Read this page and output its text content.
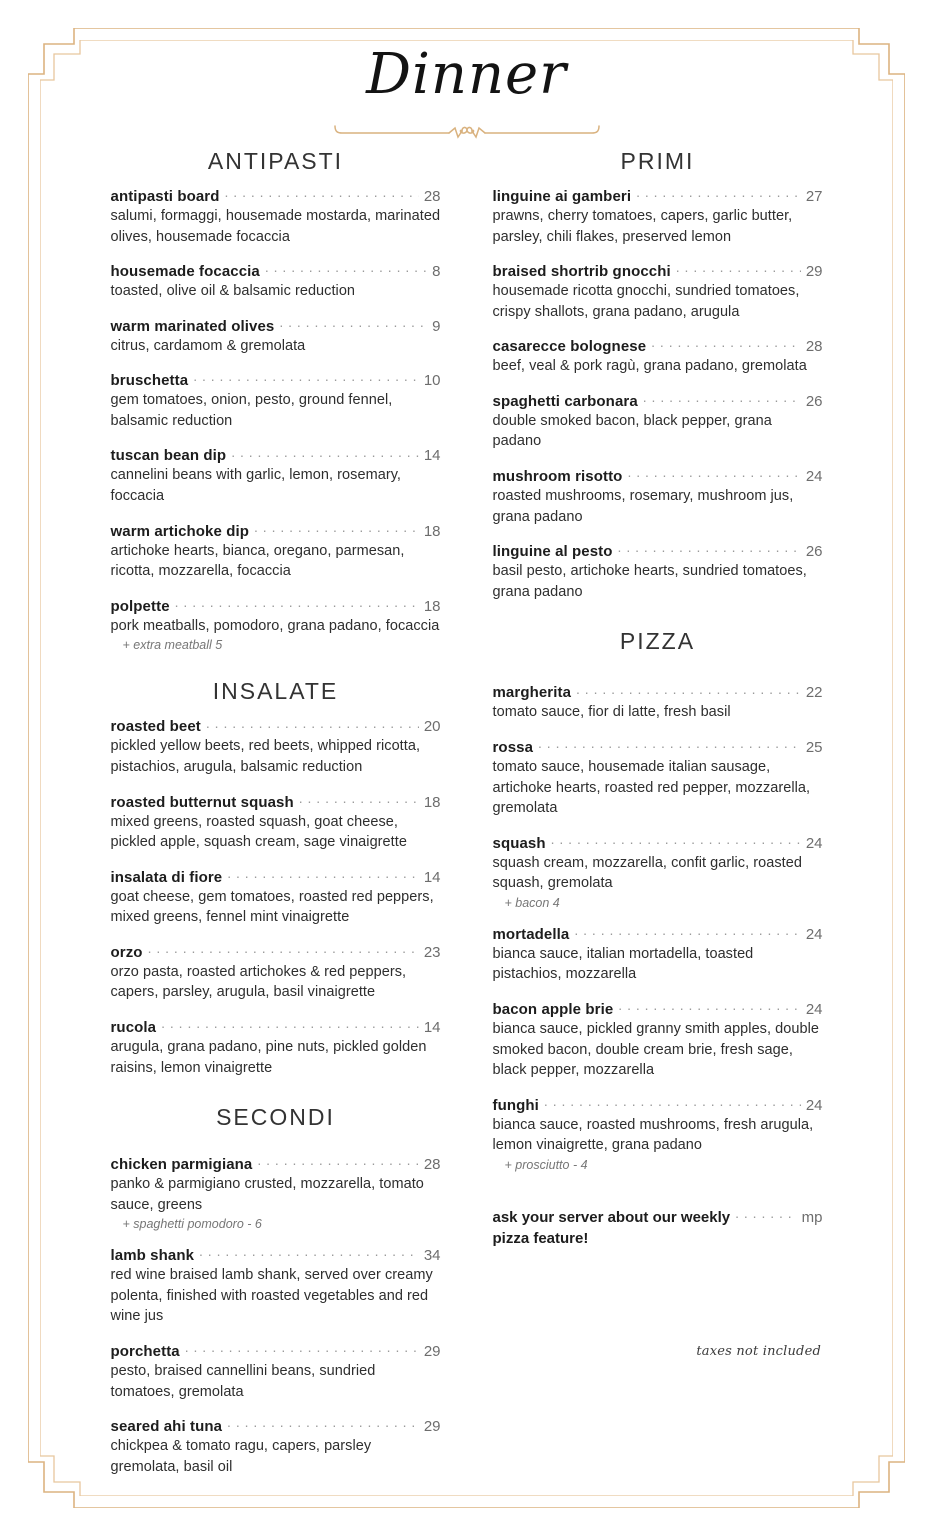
Dinner
ANTIPASTI
antipasti board . . .	28
salumi, formaggi, housemade mostarda, marinated olives, housemade focaccia
housemade focaccia . . .	8
toasted, olive oil & balsamic reduction
warm marinated olives . . .	9
citrus, cardamom & gremolata
bruschetta . . .	10
gem tomatoes, onion, pesto, ground fennel, balsamic reduction
tuscan bean dip . . .	14
cannelini beans with garlic, lemon, rosemary, foccacia
warm artichoke dip . . .	18
artichoke hearts, bianca, oregano, parmesan, ricotta, mozzarella, focaccia
polpette . . .	18
pork meatballs, pomodoro, grana padano, focaccia
+ extra meatball 5
INSALATE
roasted beet . . .	20
pickled yellow beets, red beets, whipped ricotta, pistachios, arugula, balsamic reduction
roasted butternut squash . . .	18
mixed greens, roasted squash, goat cheese, pickled apple, squash cream, sage vinaigrette
insalata di fiore . . .	14
goat cheese, gem tomatoes, roasted red peppers, mixed greens, fennel mint vinaigrette
orzo . . .	23
orzo pasta, roasted artichokes & red peppers, capers, parsley, arugula, basil vinaigrette
rucola . . .	14
arugula, grana padano, pine nuts, pickled golden raisins, lemon vinaigrette
SECONDI
chicken parmigiana . . .	28
panko & parmigiano crusted, mozzarella, tomato sauce, greens
+ spaghetti pomodoro - 6
lamb shank . . .	34
red wine braised lamb shank, served over creamy polenta, finished with roasted vegetables and red wine jus
porchetta . . .	29
pesto, braised cannellini beans, sundried tomatoes, gremolata
seared ahi tuna . . .	29
chickpea & tomato ragu, capers, parsley gremolata, basil oil
PRIMI
linguine ai gamberi . . .	27
prawns, cherry tomatoes, capers, garlic butter, parsley, chili flakes, preserved lemon
braised shortrib gnocchi . . .	29
housemade ricotta gnocchi, sundried tomatoes, crispy shallots, grana padano, arugula
casarecce bolognese . . .	28
beef, veal & pork ragù, grana padano, gremolata
spaghetti carbonara . . .	26
double smoked bacon, black pepper, grana padano
mushroom risotto . . .	24
roasted mushrooms, rosemary, mushroom jus, grana padano
linguine al pesto . . .	26
basil pesto, artichoke hearts, sundried tomatoes, grana padano
PIZZA
margherita . . .	22
tomato sauce, fior di latte, fresh basil
rossa . . .	25
tomato sauce, housemade italian sausage, artichoke hearts, roasted red pepper, mozzarella, gremolata
squash . . .	24
squash cream, mozzarella, confit garlic, roasted squash, gremolata
+ bacon 4
mortadella . . .	24
bianca sauce, italian mortadella, toasted pistachios, mozzarella
bacon apple brie . . .	24
bianca sauce, pickled granny smith apples, double smoked bacon, double cream brie, fresh sage, black pepper, mozzarella
funghi . . .	24
bianca sauce, roasted mushrooms, fresh arugula, lemon vinaigrette, grana padano
+ prosciutto - 4
ask your server about our weekly . . .	mp
pizza feature!
taxes not included
